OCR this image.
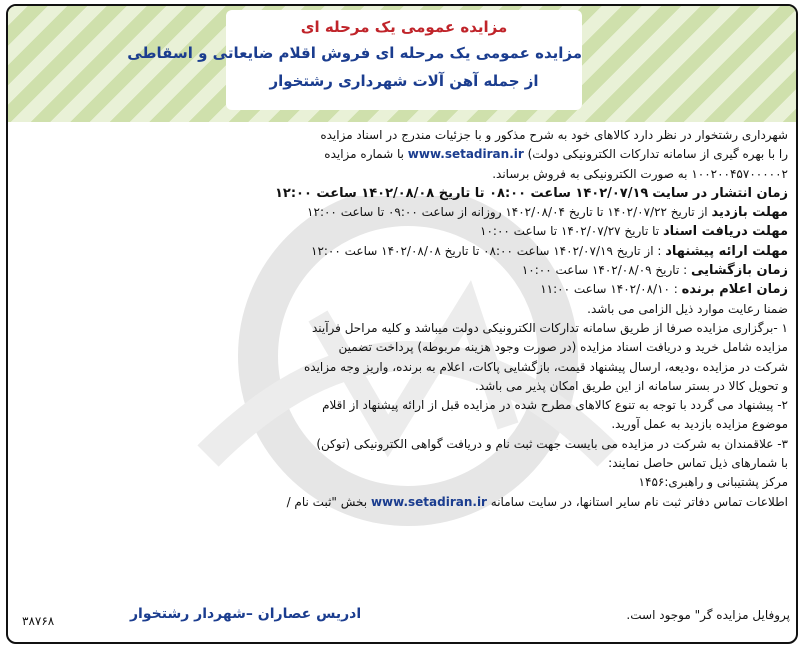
مزایده عمومی یک مرحله ای
مزایده عمومی یک مرحله ای فروش اقلام ضایعاتی و اسقاطی
از جمله آهن آلات شهرداری رشتخوار
شهرداری رشتخوار در نظر دارد کالاهای خود به شرح مذکور و با جزئیات مندرج در اسناد مزایده
را با بهره گیری از سامانه تدارکات الکترونیکی دولت) www.setadiran.ir با شماره مزایده
۱۰۰۲۰۰۴۵۷۰۰۰۰۰۲ به صورت الکترونیکی به فروش برساند.
زمان انتشار در سایت ۱۴۰۲/۰۷/۱۹ ساعت ۰۸:۰۰ تا تاریخ ۱۴۰۲/۰۸/۰۸ ساعت ۱۲:۰۰
مهلت بازدید از تاریخ ۱۴۰۲/۰۷/۲۲ تا تاریخ ۱۴۰۲/۰۸/۰۴ روزانه از ساعت ۰۹:۰۰ تا ساعت ۱۲:۰۰
مهلت دریافت اسناد تا تاریخ ۱۴۰۲/۰۷/۲۷ تا ساعت ۱۰:۰۰
مهلت ارائه پیشنهاد : از تاریخ ۱۴۰۲/۰۷/۱۹ ساعت ۰۸:۰۰ تا تاریخ ۱۴۰۲/۰۸/۰۸ ساعت ۱۲:۰۰
زمان بازگشایی : تاریخ ۱۴۰۲/۰۸/۰۹ ساعت ۱۰:۰۰
زمان اعلام برنده : ۱۴۰۲/۰۸/۱۰ ساعت ۱۱:۰۰
ضمنا رعایت موارد ذیل الزامی می باشد.
۱ -برگزاری مزایده صرفا از طریق سامانه تدارکات الکترونیکی دولت میباشد و کلیه مراحل فرآیند
مزایده شامل خرید و دریافت اسناد مزایده (در صورت وجود هزینه مربوطه) پرداخت تضمین
شرکت در مزایده ،ودیعه، ارسال پیشنهاد قیمت، بازگشایی پاکات، اعلام به برنده، واریز وجه مزایده
و تحویل کالا در بستر سامانه از این طریق امکان پذیر می باشد.
۲- پیشنهاد می گردد با توجه به تنوع کالاهای مطرح شده در مزایده قبل از ارائه پیشنهاد از اقلام
موضوع مزایده بازدید به عمل آورید.
۳- علاقمندان به شرکت در مزایده می بایست جهت ثبت نام و دریافت گواهی الکترونیکی (توکن)
با شمارهای ذیل تماس حاصل نمایند:
مرکز پشتیبانی و راهبری:۱۴۵۶
اطلاعات تماس دفاتر ثبت نام سایر استانها، در سایت سامانه www.setadiran.ir بخش "ثبت نام /
پروفایل مزایده گر" موجود است.
ادریس عصاران –شهردار رشتخوار
۳۸۷۶۸
